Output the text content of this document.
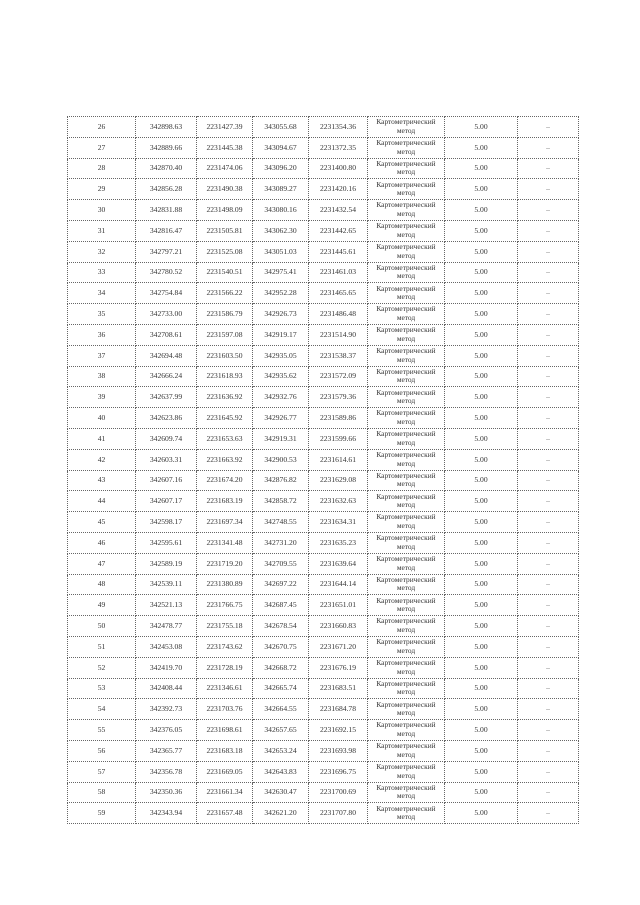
26	342898.63	2231427.39	343055.68	2231354.36	Картометрический метод	5.00	–
27	342889.66	2231445.38	343094.67	2231372.35	Картометрический метод	5.00	–
28	342870.40	2231474.06	343096.20	2231400.80	Картометрический метод	5.00	–
29	342856.28	2231490.38	343089.27	2231420.16	Картометрический метод	5.00	–
30	342831.88	2231498.09	343080.16	2231432.54	Картометрический метод	5.00	–
31	342816.47	2231505.81	343062.30	2231442.65	Картометрический метод	5.00	–
32	342797.21	2231525.08	343051.03	2231445.61	Картометрический метод	5.00	–
33	342780.52	2231540.51	342975.41	2231461.03	Картометрический метод	5.00	–
34	342754.84	2231566.22	342952.28	2231465.65	Картометрический метод	5.00	–
35	342733.00	2231586.79	342926.73	2231486.48	Картометрический метод	5.00	–
36	342708.61	2231597.08	342919.17	2231514.90	Картометрический метод	5.00	–
37	342694.48	2231603.50	342935.05	2231538.37	Картометрический метод	5.00	–
38	342666.24	2231618.93	342935.62	2231572.09	Картометрический метод	5.00	–
39	342637.99	2231636.92	342932.76	2231579.36	Картометрический метод	5.00	–
40	342623.86	2231645.92	342926.77	2231589.86	Картометрический метод	5.00	–
41	342609.74	2231653.63	342919.31	2231599.66	Картометрический метод	5.00	–
42	342603.31	2231663.92	342900.53	2231614.61	Картометрический метод	5.00	–
43	342607.16	2231674.20	342876.82	2231629.08	Картометрический метод	5.00	–
44	342607.17	2231683.19	342858.72	2231632.63	Картометрический метод	5.00	–
45	342598.17	2231697.34	342748.55	2231634.31	Картометрический метод	5.00	–
46	342595.61	2231341.48	342731.20	2231635.23	Картометрический метод	5.00	–
47	342589.19	2231719.20	342709.55	2231639.64	Картометрический метод	5.00	–
48	342539.11	2231380.89	342697.22	2231644.14	Картометрический метод	5.00	–
49	342521.13	2231766.75	342687.45	2231651.01	Картометрический метод	5.00	–
50	342478.77	2231755.18	342678.54	2231660.83	Картометрический метод	5.00	–
51	342453.08	2231743.62	342670.75	2231671.20	Картометрический метод	5.00	–
52	342419.70	2231728.19	342668.72	2231676.19	Картометрический метод	5.00	–
53	342408.44	2231346.61	342665.74	2231683.51	Картометрический метод	5.00	–
54	342392.73	2231703.76	342664.55	2231684.78	Картометрический метод	5.00	–
55	342376.05	2231698.61	342657.65	2231692.15	Картометрический метод	5.00	–
56	342365.77	2231683.18	342653.24	2231693.98	Картометрический метод	5.00	–
57	342356.78	2231669.05	342643.83	2231696.75	Картометрический метод	5.00	–
58	342350.36	2231661.34	342630.47	2231700.69	Картометрический метод	5.00	–
59	342343.94	2231657.48	342621.20	2231707.80	Картометрический метод	5.00	–
